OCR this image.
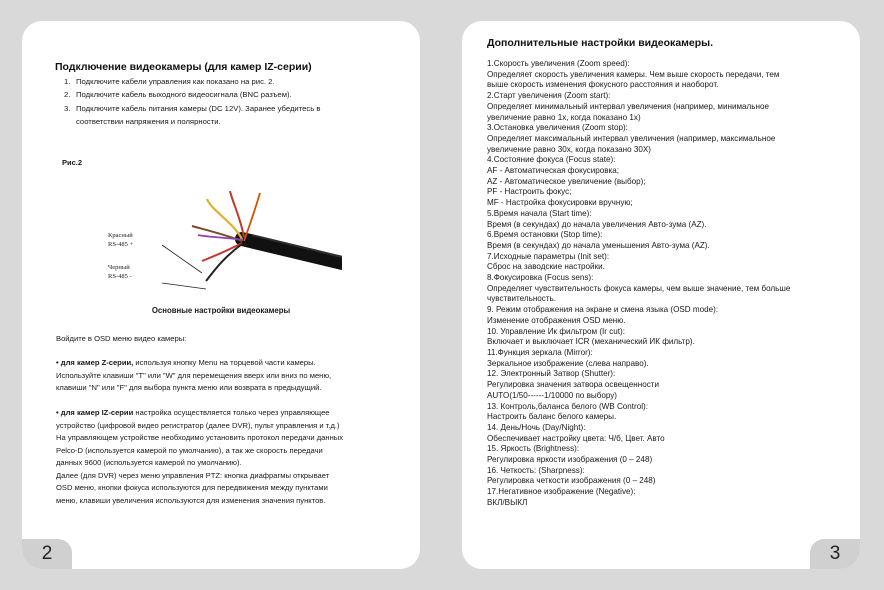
Подключение видеокамеры (для камер IZ-серии)
1. Подключите кабели управления как показано на рис. 2.
2. Подключите кабель выходного видеосигнала (BNC разъем).
3. Подключите кабель питания камеры (DC 12V). Заранее убедитесь в
соответствии напряжения и полярности.
Рис.2
Красный
RS-485 +
Черный
RS-485 -
Основные настройки видеокамеры
Войдите в OSD меню видео камеры:
• для камер Z-серии, используя кнопку Menu на торцевой части камеры.
Используйте клавиши "T" или "W" для перемещения вверх или вниз по меню,
клавиши "N" или "F" для выбора пункта меню или возврата в предыдущий.
• для камер IZ-серии настройка осуществляется только через управляющее
устройство (цифровой видео регистратор (далее DVR), пульт управления и т.д.)
На управляющем устройстве необходимо установить протокол передачи данных
Pelco-D (используется камерой по умолчанию), а так же скорость передачи
данных 9600 (используется камерой по умолчанию).
Далее (для DVR) через меню управления PTZ: кнопка диафрагмы открывает
OSD меню, кнопки фокуса используются для передвижения между пунктами
меню, клавиши увеличения используются для изменения значения пунктов.
2
Дополнительные настройки видеокамеры.
1.Скорость увеличения (Zoom speed):
Определяет скорость увеличения камеры. Чем выше скорость передачи, тем
выше скорость изменения фокусного расстояния и наоборот.
2.Старт увеличения (Zoom start):
Определяет минимальный интервал увеличения (например, минимальное
увеличение равно 1х, когда показано 1х)
3.Остановка увеличения (Zoom stop):
Определяет максимальный интервал увеличения (например, максимальное
увеличение равно 30х, когда показано 30X)
4.Состояние фокуса (Focus state):
AF - Автоматическая фокусировка;
AZ - Автоматическое увеличение (выбор);
PF - Настроить фокус;
MF - Настройка фокусировки вручную;
5.Время начала (Start time):
Время (в секундах) до начала увеличения Авто-зума (AZ).
6.Время остановки (Stop time):
Время (в секундах) до начала уменьшения Авто-зума (AZ).
7.Исходные параметры (Init set):
Сброс на заводские настройки.
8.Фокусировка (Focus sens):
Определяет чувствительность фокуса камеры, чем выше значение, тем больше
чувствительность.
9. Режим отображения на экране и смена языка (OSD mode):
Изменение отображения OSD меню.
10. Управление Ик фильтром (Ir cut):
Включает и выключает ICR (механический ИК фильтр).
11.Функция зеркала (Mirror):
Зеркальное изображение (слева направо).
12. Электронный Затвор (Shutter):
Регулировка значения затвора освещенности
AUTO(1/50------1/10000 по выбору)
13. Контроль,баланса белого (WB Control):
Настроить баланс белого камеры.
14. День/Ночь (Day/Night):
Обеспечивает настройку цвета: Ч/б, Цвет. Авто
15. Яркость (Brightness):
Регулировка яркости изображения (0 – 248)
16. Четкость: (Sharpness):
Регулировка четкости изображения (0 – 248)
17.Негативное изображение (Negative):
ВКЛ/ВЫКЛ
3
